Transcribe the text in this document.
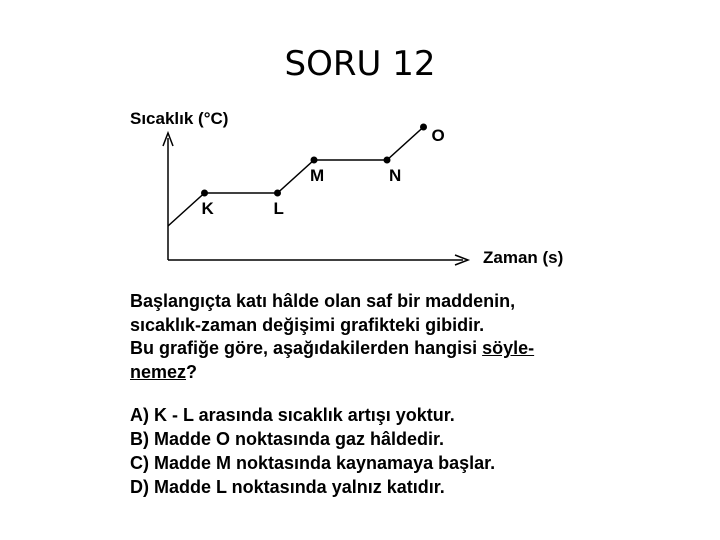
SORU 12
Sıcaklık (°C)
Zaman (s)
K	L
M	N
O
Başlangıçta katı hâlde olan saf bir maddenin,
sıcaklık-zaman değişimi grafikteki gibidir.
Bu grafiğe göre, aşağıdakilerden hangisi söyle-
nemez?
A) K - L arasında sıcaklık artışı yoktur.
B) Madde O noktasında gaz hâldedir.
C) Madde M noktasında kaynamaya başlar.
D) Madde L noktasında yalnız katıdır.
